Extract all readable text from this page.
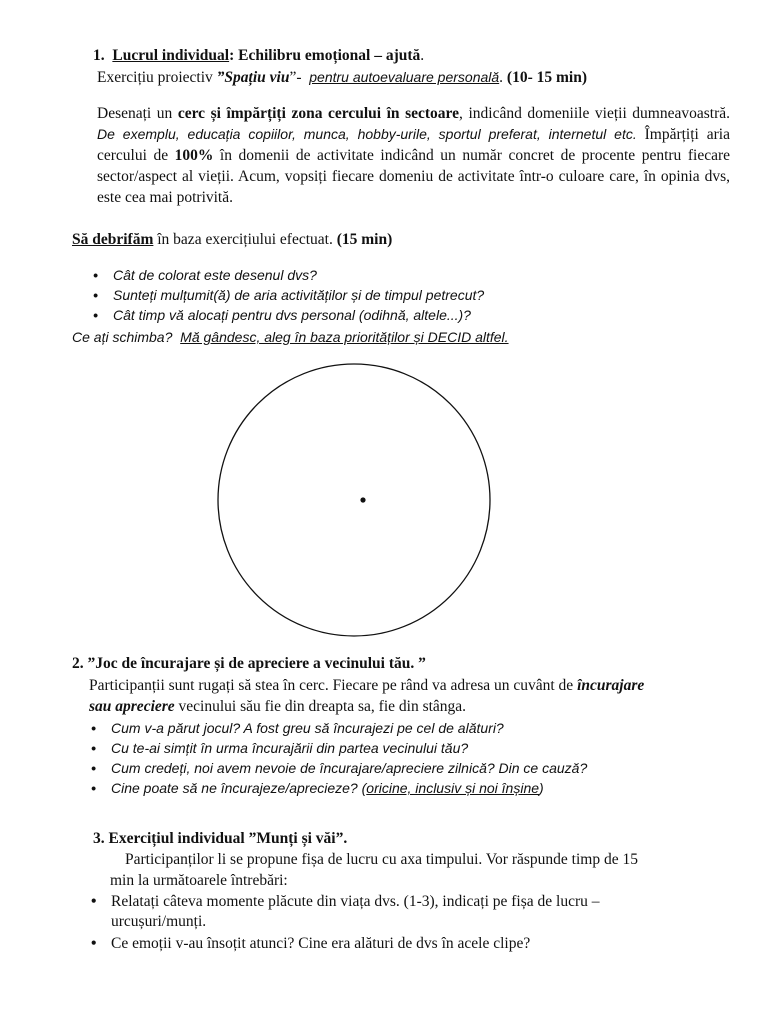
1. Lucrul individual: Echilibru emoțional – ajută.
Exercițiu proiectiv ”Spațiu viu”-  pentru autoevaluare personală. (10- 15 min)
Desenați un cerc și împărțiți zona cercului în sectoare, indicând domeniile vieții dumneavoastră. De exemplu, educația copiilor, munca, hobby-urile, sportul preferat, internetul etc. Împărțiți aria cercului de 100% în domenii de activitate indicând un număr concret de procente pentru fiecare sector/aspect al vieții. Acum, vopsiți fiecare domeniu de activitate într-o culoare care, în opinia dvs, este cea mai potrivită.
Să debrifăm în baza exercițiului efectuat. (15 min)
• Cât de colorat este desenul dvs?
• Sunteți mulțumit(ă) de aria activităților și de timpul petrecut?
• Cât timp vă alocați pentru dvs personal (odihnă, altele...)?
Ce ați schimba?  Mă gândesc, aleg în baza priorităților și DECID altfel.
2. ”Joc de încurajare și de apreciere a vecinului tău. ”
Participanții sunt rugați să stea în cerc. Fiecare pe rând va adresa un cuvânt de încurajare
sau apreciere vecinului său fie din dreapta sa, fie din stânga.
• Cum v-a părut jocul? A fost greu să încurajezi pe cel de alături?
• Cu te-ai simțit în urma încurajării din partea vecinului tău?
• Cum credeți, noi avem nevoie de încurajare/apreciere zilnică? Din ce cauză?
• Cine poate să ne încurajeze/aprecieze? (oricine, inclusiv și noi înșine)
3. Exercițiul individual ”Munți și văi”.
Participanților li se propune fișa de lucru cu axa timpului. Vor răspunde timp de 15
min la următoarele întrebări:
• Relatați câteva momente plăcute din viața dvs. (1-3), indicați pe fișa de lucru –
urcușuri/munți.
• Ce emoții v-au însoțit atunci? Cine era alături de dvs în acele clipe?
